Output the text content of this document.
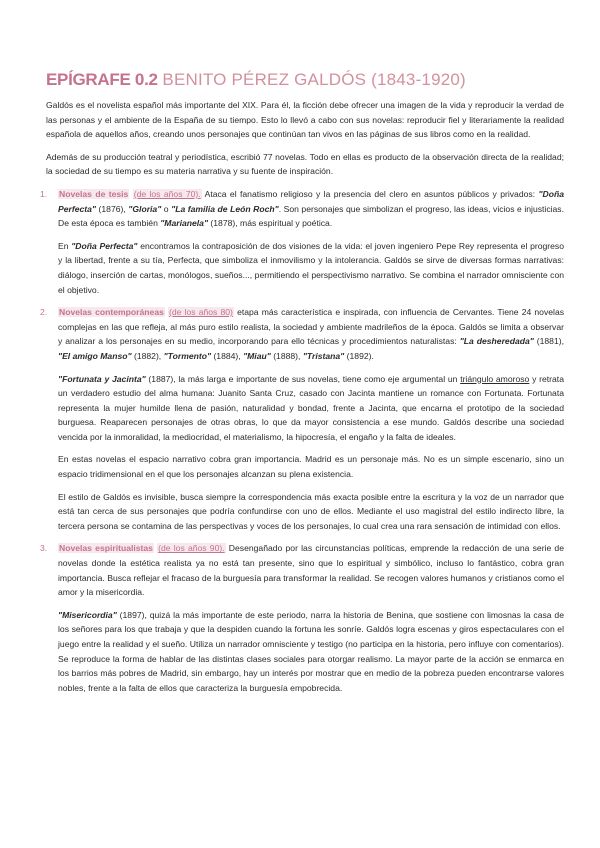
EPÍGRAFE 0.2 BENITO PÉREZ GALDÓS (1843-1920)

Galdós es el novelista español más importante del XIX. Para él, la ficción debe ofrecer una imagen de la vida y reproducir la verdad de las personas y el ambiente de la España de su tiempo. Esto lo llevó a cabo con sus novelas: reproducir fiel y literariamente la realidad española de aquellos años, creando unos personajes que continúan tan vivos en las páginas de sus libros como en la realidad.

Además de su producción teatral y periodística, escribió 77 novelas. Todo en ellas es producto de la observación directa de la realidad; la sociedad de su tiempo es su materia narrativa y su fuente de inspiración.

1. Novelas de tesis (de los años 70). Ataca el fanatismo religioso y la presencia del clero en asuntos públicos y privados: "Doña Perfecta" (1876), "Gloria" o "La familia de León Roch". Son personajes que simbolizan el progreso, las ideas, vicios e injusticias. De esta época es también "Marianela" (1878), más espiritual y poética.

En "Doña Perfecta" encontramos la contraposición de dos visiones de la vida: el joven ingeniero Pepe Rey representa el progreso y la libertad, frente a su tía, Perfecta, que simboliza el inmovilismo y la intolerancia. Galdós se sirve de diversas formas narrativas: diálogo, inserción de cartas, monólogos, sueños..., permitiendo el perspectivismo narrativo. Se combina el narrador omnisciente con el objetivo.

2. Novelas contemporáneas (de los años 80) etapa más característica e inspirada, con influencia de Cervantes. Tiene 24 novelas complejas en las que refleja, al más puro estilo realista, la sociedad y ambiente madrileños de la época. Galdós se limita a observar y analizar a los personajes en su medio, incorporando para ello técnicas y procedimientos naturalistas: "La desheredada" (1881), "El amigo Manso" (1882), "Tormento" (1884), "Miau" (1888), "Tristana" (1892).

"Fortunata y Jacinta" (1887), la más larga e importante de sus novelas, tiene como eje argumental un triángulo amoroso y retrata un verdadero estudio del alma humana: Juanito Santa Cruz, casado con Jacinta mantiene un romance con Fortunata. Fortunata representa la mujer humilde llena de pasión, naturalidad y bondad, frente a Jacinta, que encarna el prototipo de la sociedad burguesa. Reaparecen personajes de otras obras, lo que da mayor consistencia a ese mundo. Galdós describe una sociedad vencida por la inmoralidad, la mediocridad, el materialismo, la hipocresía, el engaño y la falta de ideales.

En estas novelas el espacio narrativo cobra gran importancia. Madrid es un personaje más. No es un simple escenario, sino un espacio tridimensional en el que los personajes alcanzan su plena existencia.

El estilo de Galdós es invisible, busca siempre la correspondencia más exacta posible entre la escritura y la voz de un narrador que está tan cerca de sus personajes que podría confundirse con uno de ellos. Mediante el uso magistral del estilo indirecto libre, la tercera persona se contamina de las perspectivas y voces de los personajes, lo cual crea una rara sensación de intimidad con ellos.

3. Novelas espiritualistas (de los años 90). Desengañado por las circunstancias políticas, emprende la redacción de una serie de novelas donde la estética realista ya no está tan presente, sino que lo espiritual y simbólico, incluso lo fantástico, cobra gran importancia. Busca reflejar el fracaso de la burguesía para transformar la realidad. Se recogen valores humanos y cristianos como el amor y la misericordia.

"Misericordia" (1897), quizá la más importante de este periodo, narra la historia de Benina, que sostiene con limosnas la casa de los señores para los que trabaja y que la despiden cuando la fortuna les sonríe. Galdós logra escenas y giros espectaculares con el juego entre la realidad y el sueño. Utiliza un narrador omnisciente y testigo (no participa en la historia, pero influye con comentarios). Se reproduce la forma de hablar de las distintas clases sociales para otorgar realismo. La mayor parte de la acción se enmarca en los barrios más pobres de Madrid, sin embargo, hay un interés por mostrar que en medio de la pobreza pueden encontrarse valores nobles, frente a la falta de ellos que caracteriza la burguesía empobrecida.
